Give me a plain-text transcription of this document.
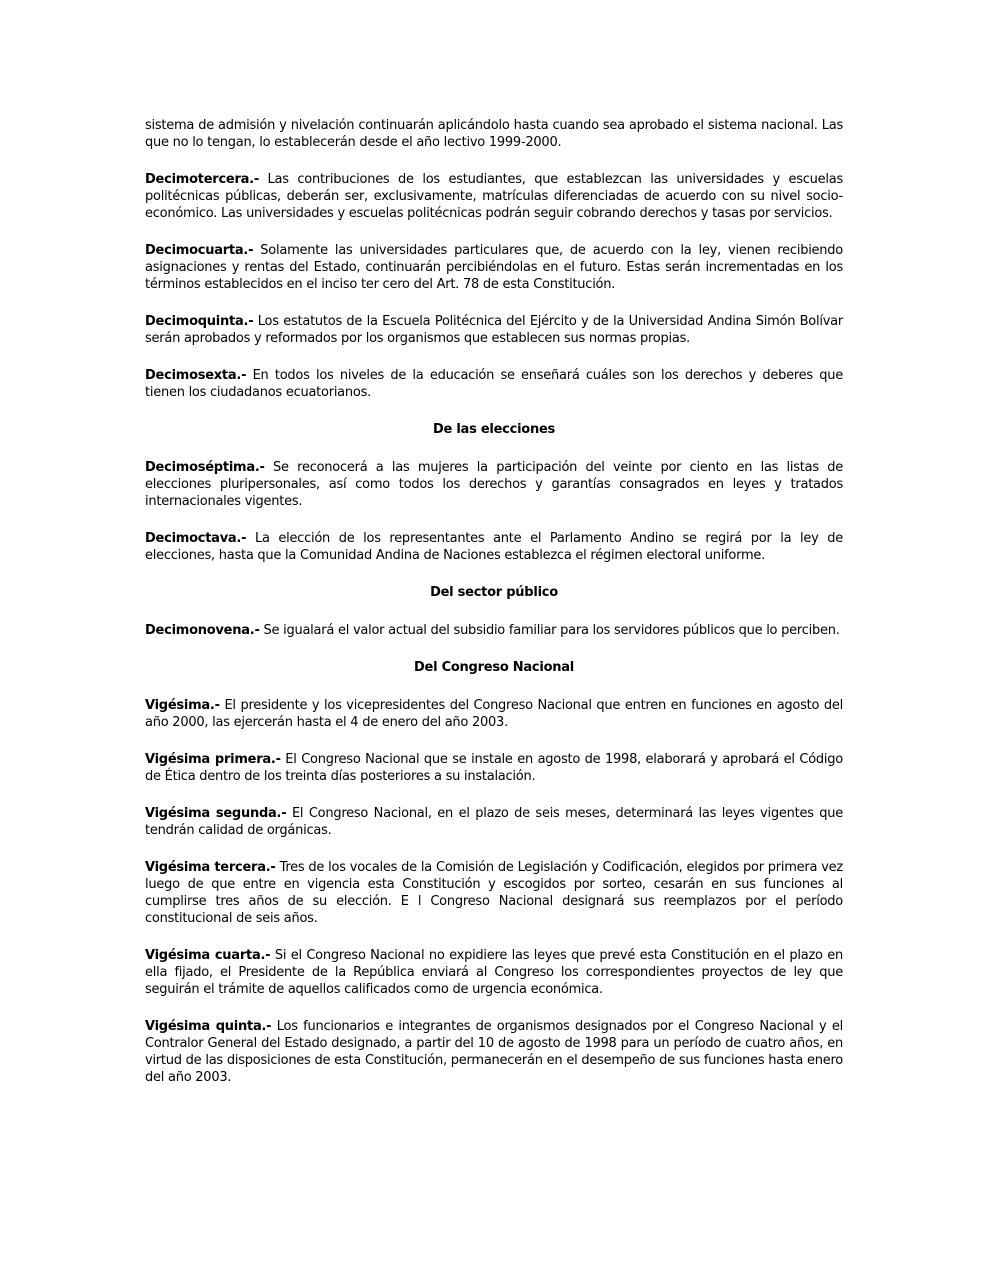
sistema de admisión y nivelación continuarán aplicándolo hasta cuando sea aprobado el sistema nacional. Las que no lo tengan, lo establecerán desde el año lectivo 1999-2000.

Decimotercera.- Las contribuciones de los estudiantes, que establezcan las universidades y escuelas politécnicas públicas, deberán ser, exclusivamente, matrículas diferenciadas de acuerdo con su nivel socio-económico. Las universidades y escuelas politécnicas podrán seguir cobrando derechos y tasas por servicios.

Decimocuarta.- Solamente las universidades particulares que, de acuerdo con la ley, vienen recibiendo asignaciones y rentas del Estado, continuarán percibiéndolas en el futuro. Estas serán incrementadas en los términos establecidos en el inciso ter cero del Art. 78 de esta Constitución.

Decimoquinta.- Los estatutos de la Escuela Politécnica del Ejército y de la Universidad Andina Simón Bolívar serán aprobados y reformados por los organismos que establecen sus normas propias.

Decimosexta.- En todos los niveles de la educación se enseñará cuáles son los derechos y deberes que tienen los ciudadanos ecuatorianos.

De las elecciones

Decimoséptima.- Se reconocerá a las mujeres la participación del veinte por ciento en las listas de elecciones pluripersonales, así como todos los derechos y garantías consagrados en leyes y tratados internacionales vigentes.

Decimoctava.- La elección de los representantes ante el Parlamento Andino se regirá por la ley de elecciones, hasta que la Comunidad Andina de Naciones establezca el régimen electoral uniforme.

Del sector público

Decimonovena.- Se igualará el valor actual del subsidio familiar para los servidores públicos que lo perciben.

Del Congreso Nacional

Vigésima.- El presidente y los vicepresidentes del Congreso Nacional que entren en funciones en agosto del año 2000, las ejercerán hasta el 4 de enero del año 2003.

Vigésima primera.- El Congreso Nacional que se instale en agosto de 1998, elaborará y aprobará el Código de Ética dentro de los treinta días posteriores a su instalación.

Vigésima segunda.- El Congreso Nacional, en el plazo de seis meses, determinará las leyes vigentes que tendrán calidad de orgánicas.

Vigésima tercera.- Tres de los vocales de la Comisión de Legislación y Codificación, elegidos por primera vez luego de que entre en vigencia esta Constitución y escogidos por sorteo, cesarán en sus funciones al cumplirse tres años de su elección. E l Congreso Nacional designará sus reemplazos por el período constitucional de seis años.

Vigésima cuarta.- Si el Congreso Nacional no expidiere las leyes que prevé esta Constitución en el plazo en ella fijado, el Presidente de la República enviará al Congreso los correspondientes proyectos de ley que seguirán el trámite de aquellos calificados como de urgencia económica.

Vigésima quinta.- Los funcionarios e integrantes de organismos designados por el Congreso Nacional y el Contralor General del Estado designado, a partir del 10 de agosto de 1998 para un período de cuatro años, en virtud de las disposiciones de esta Constitución, permanecerán en el desempeño de sus funciones hasta enero del año 2003.
